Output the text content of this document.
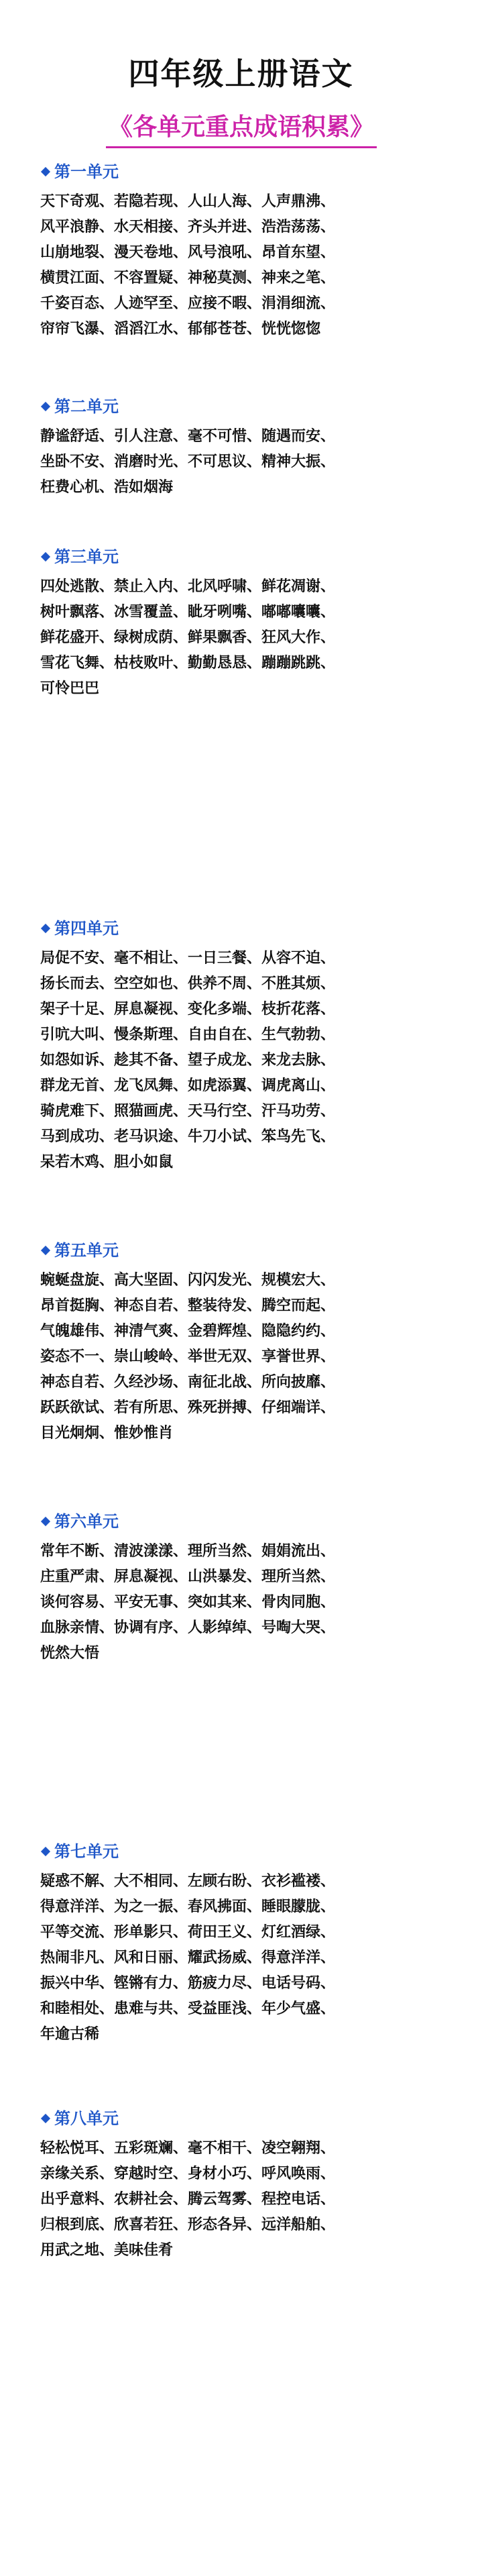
四年级上册语文
《各单元重点成语积累》
第一单元
天下奇观、若隐若现、人山人海、人声鼎沸、
风平浪静、水天相接、齐头并进、浩浩荡荡、
山崩地裂、漫天卷地、风号浪吼、昂首东望、
横贯江面、不容置疑、神秘莫测、神来之笔、
千姿百态、人迹罕至、应接不暇、涓涓细流、
帘帘飞瀑、滔滔江水、郁郁苍苍、恍恍惚惚
第二单元
静谧舒适、引人注意、毫不可惜、随遇而安、
坐卧不安、消磨时光、不可思议、精神大振、
枉费心机、浩如烟海
第三单元
四处逃散、禁止入内、北风呼啸、鲜花凋谢、
树叶飘落、冰雪覆盖、眦牙咧嘴、嘟嘟囔囔、
鲜花盛开、绿树成荫、鲜果飘香、狂风大作、
雪花飞舞、枯枝败叶、勤勤恳恳、蹦蹦跳跳、
可怜巴巴
第四单元
局促不安、毫不相让、一日三餐、从容不迫、
扬长而去、空空如也、供养不周、不胜其烦、
架子十足、屏息凝视、变化多端、枝折花落、
引吭大叫、慢条斯理、自由自在、生气勃勃、
如怨如诉、趁其不备、望子成龙、来龙去脉、
群龙无首、龙飞凤舞、如虎添翼、调虎离山、
骑虎难下、照猫画虎、天马行空、汗马功劳、
马到成功、老马识途、牛刀小试、笨鸟先飞、
呆若木鸡、胆小如鼠
第五单元
蜿蜒盘旋、高大坚固、闪闪发光、规模宏大、
昂首挺胸、神态自若、整装待发、腾空而起、
气魄雄伟、神清气爽、金碧辉煌、隐隐约约、
姿态不一、崇山峻岭、举世无双、享誉世界、
神态自若、久经沙场、南征北战、所向披靡、
跃跃欲试、若有所思、殊死拼搏、仔细端详、
目光炯炯、惟妙惟肖
第六单元
常年不断、清波漾漾、理所当然、娟娟流出、
庄重严肃、屏息凝视、山洪暴发、理所当然、
谈何容易、平安无事、突如其来、骨肉同胞、
血脉亲情、协调有序、人影绰绰、号啕大哭、
恍然大悟
第七单元
疑惑不解、大不相同、左顾右盼、衣衫褴褛、
得意洋洋、为之一振、春风拂面、睡眼朦胧、
平等交流、形单影只、荷田王义、灯红酒绿、
热闹非凡、风和日丽、耀武扬威、得意洋洋、
振兴中华、铿锵有力、筋疲力尽、电话号码、
和睦相处、患难与共、受益匪浅、年少气盛、
年逾古稀
第八单元
轻松悦耳、五彩斑斓、毫不相干、凌空翱翔、
亲缘关系、穿越时空、身材小巧、呼风唤雨、
出乎意料、农耕社会、腾云驾雾、程控电话、
归根到底、欣喜若狂、形态各异、远洋船舶、
用武之地、美味佳肴
